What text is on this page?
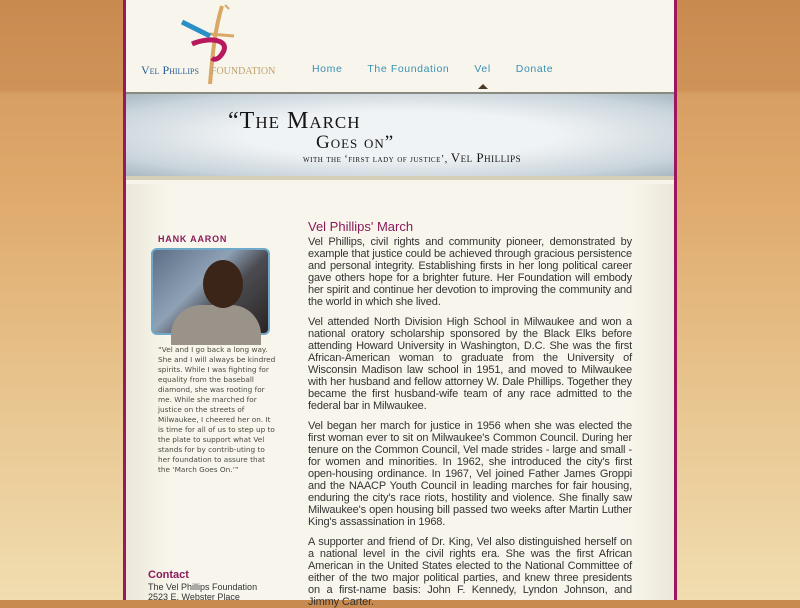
Vel Phillips FOUNDATION	Home The Foundation Vel Donate
“The March
Goes on”
with the ‘first lady of justice’, Vel Phillips
HANK AARON
“Vel and I go back a long way. She and I will always be kindred spirits. While I was fighting for equality from the baseball diamond, she was rooting for me. While she marched for justice on the streets of Milwaukee, I cheered her on. It is time for all of us to step up to the plate to support what Vel stands for by contrib-uting to her foundation to assure that the ‘March Goes On.’”
Contact

The Vel Phillips Foundation

2523 E. Webster Place

Vel Phillips' March

Vel Phillips, civil rights and community pioneer, demonstrated by example that justice could be achieved through gracious persistence and personal integrity. Establishing firsts in her long political career gave others hope for a brighter future. Her Foundation will embody her spirit and continue her devotion to improving the community and the world in which she lived.

Vel attended North Division High School in Milwaukee and won a national oratory scholarship sponsored by the Black Elks before attending Howard University in Washington, D.C. She was the first African-American woman to graduate from the University of Wisconsin Madison law school in 1951, and moved to Milwaukee with her husband and fellow attorney W. Dale Phillips. Together they became the first husband-wife team of any race admitted to the federal bar in Milwaukee.

Vel began her march for justice in 1956 when she was elected the first woman ever to sit on Milwaukee's Common Council. During her tenure on the Common Council, Vel made strides - large and small - for women and minorities. In 1962, she introduced the city's first open-housing ordinance. In 1967, Vel joined Father James Groppi and the NAACP Youth Council in leading marches for fair housing, enduring the city's race riots, hostility and violence. She finally saw Milwaukee's open housing bill passed two weeks after Martin Luther King's assassination in 1968.

A supporter and friend of Dr. King, Vel also distinguished herself on a national level in the civil rights era. She was the first African American in the United States elected to the National Committee of either of the two major political parties, and knew three presidents on a first-name basis: John F. Kennedy, Lyndon Johnson, and Jimmy Carter.
